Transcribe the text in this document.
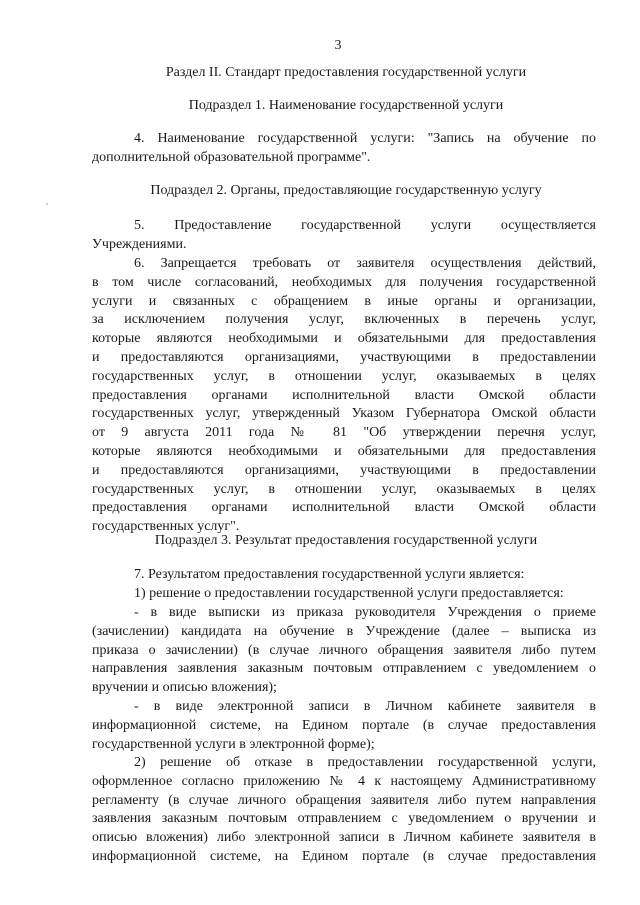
3
Раздел II. Стандарт предоставления государственной услуги
Подраздел 1. Наименование государственной услуги
4. Наименование государственной услуги: "Запись на обучение по
дополнительной образовательной программе".
Подраздел 2. Органы, предоставляющие государственную услугу
5. Предоставление государственной услуги осуществляется
Учреждениями.
6. Запрещается требовать от заявителя осуществления действий,
в том числе согласований, необходимых для получения государственной
услуги и связанных с обращением в иные органы и организации,
за исключением получения услуг, включенных в перечень услуг,
которые являются необходимыми и обязательными для предоставления
и предоставляются организациями, участвующими в предоставлении
государственных услуг, в отношении услуг, оказываемых в целях
предоставления органами исполнительной власти Омской области
государственных услуг, утвержденный Указом Губернатора Омской области
от 9 августа 2011 года № 81 "Об утверждении перечня услуг,
которые являются необходимыми и обязательными для предоставления
и предоставляются организациями, участвующими в предоставлении
государственных услуг, в отношении услуг, оказываемых в целях
предоставления органами исполнительной власти Омской области
государственных услуг".
Подраздел 3. Результат предоставления государственной услуги
7. Результатом предоставления государственной услуги является:
1) решение о предоставлении государственной услуги предоставляется:
- в виде выписки из приказа руководителя Учреждения о приеме
(зачислении) кандидата на обучение в Учреждение (далее – выписка из
приказа о зачислении) (в случае личного обращения заявителя либо путем
направления заявления заказным почтовым отправлением с уведомлением о
вручении и описью вложения);
- в виде электронной записи в Личном кабинете заявителя в
информационной системе, на Едином портале (в случае предоставления
государственной услуги в электронной форме);
2) решение об отказе в предоставлении государственной услуги,
оформленное согласно приложению № 4 к настоящему Административному
регламенту (в случае личного обращения заявителя либо путем направления
заявления заказным почтовым отправлением с уведомлением о вручении и
описью вложения) либо электронной записи в Личном кабинете заявителя в
информационной системе, на Едином портале (в случае предоставления
